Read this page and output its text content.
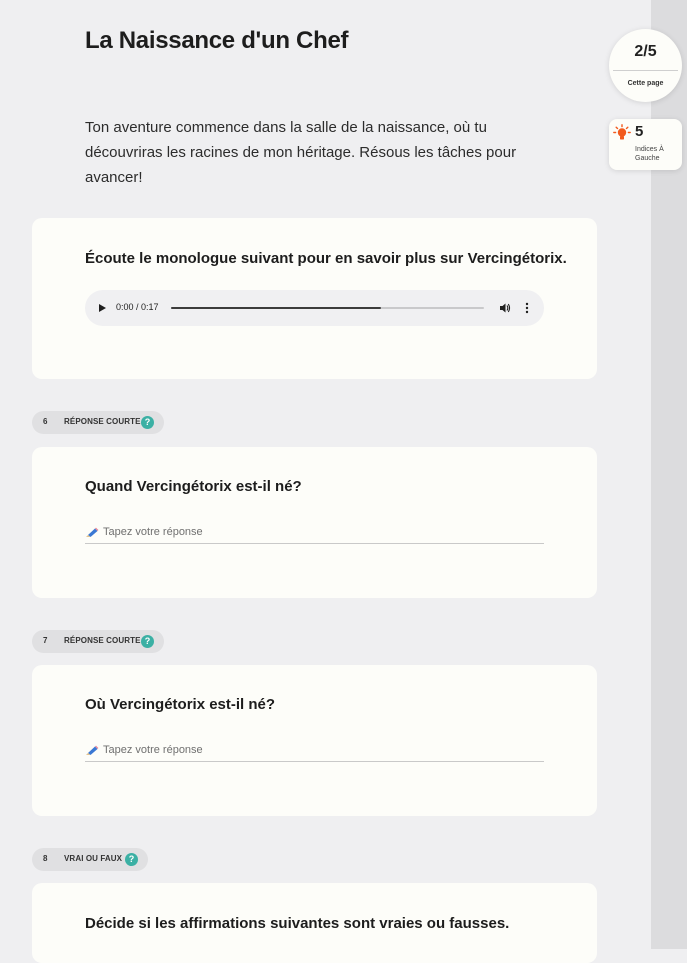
La Naissance d'un Chef

Ton aventure commence dans la salle de la naissance, où tu découvriras les racines de mon héritage. Résous les tâches pour avancer!

Écoute le monologue suivant pour en savoir plus sur Vercingétorix.

0:00 / 0:17
6 RÉPONSE COURTE ?

Quand Vercingétorix est-il né?

Tapez votre réponse
7 RÉPONSE COURTE ?

Où Vercingétorix est-il né?

Tapez votre réponse
8 VRAI OU FAUX ?

Décide si les affirmations suivantes sont vraies ou fausses.

2/5
Cette page
5
Indices À Gauche
